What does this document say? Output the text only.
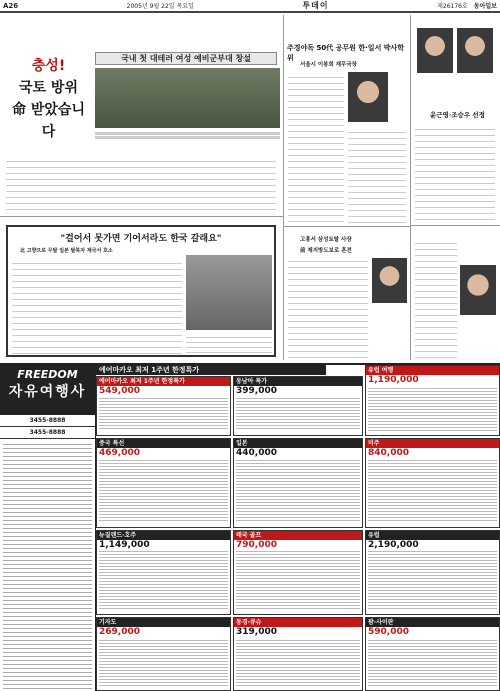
A26	2005년 9월 22일 목요일	투데이	제26176호 동아일보
국내 첫 대테러 여성 예비군부대 창설
충성!
국토 방위
命 받았습니다
주경야독 50代 공무원 한·일서 박사학위
서울시 이봉희 재무국장
"걸어서 못가면 기어서라도 한국 갈래요"
北 고향으로 무탈 일본 탈북자 재국서 호소
고흥서 삼성토탈 사장
前 제지방도보로 혼전
윤근영·조승우 선정
FREEDOM
자유여행사
3455-8888
3455-8888
에어마카오 최저 1주년 한정특가
에어마카오 최저 1주년 한정특가
549,000
동남아 특가
399,000
유럽 여행
1,190,000
중국 특선
469,000
일본
440,000
미주
840,000
뉴질랜드·호주
1,149,000
태국 골프
790,000
유럽
2,190,000
기자도
269,000
동경·큐슈
319,000
괌·사이판
590,000
